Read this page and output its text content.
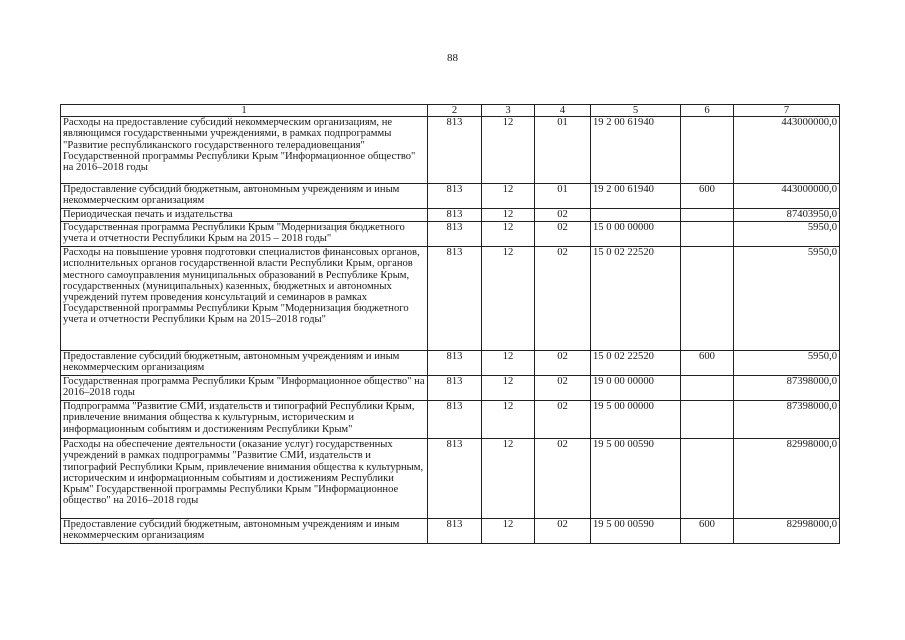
88
1	2	3	4	5	6	7
Расходы на предоставление субсидий некоммерческим организациям, не являющимся государственными учреждениями, в рамках подпрограммы "Развитие республиканского государственного телерадиовещания" Государственной программы Республики Крым "Информационное общество" на 2016–2018 годы	813	12	01	19 2 00 61940		443000000,0
Предоставление субсидий бюджетным, автономным учреждениям и иным некоммерческим организациям	813	12	01	19 2 00 61940	600	443000000,0
Периодическая печать и издательства	813	12	02			87403950,0
Государственная программа Республики Крым "Модернизация бюджетного учета и отчетности Республики Крым на 2015 – 2018 годы"	813	12	02	15 0 00 00000		5950,0
Расходы на повышение уровня подготовки специалистов финансовых органов, исполнительных органов государственной власти Республики Крым, органов местного самоуправления муниципальных образований в Республике Крым, государственных (муниципальных) казенных, бюджетных и автономных учреждений путем проведения консультаций и семинаров в рамках Государственной программы Республики Крым "Модернизация бюджетного учета и отчетности Республики Крым на 2015–2018 годы"	813	12	02	15 0 02 22520		5950,0
Предоставление субсидий бюджетным, автономным учреждениям и иным некоммерческим организациям	813	12	02	15 0 02 22520	600	5950,0
Государственная программа Республики Крым "Информационное общество" на 2016–2018 годы	813	12	02	19 0 00 00000		87398000,0
Подпрограмма "Развитие СМИ, издательств и типографий Республики Крым, привлечение внимания общества к культурным, историческим и информационным событиям и достижениям Республики Крым"	813	12	02	19 5 00 00000		87398000,0
Расходы на обеспечение деятельности (оказание услуг) государственных учреждений в рамках подпрограммы "Развитие СМИ, издательств и типографий Республики Крым, привлечение внимания общества к культурным, историческим и информационным событиям и достижениям Республики Крым" Государственной программы Республики Крым "Информационное общество" на 2016–2018 годы	813	12	02	19 5 00 00590		82998000,0
Предоставление субсидий бюджетным, автономным учреждениям и иным некоммерческим организациям	813	12	02	19 5 00 00590	600	82998000,0
